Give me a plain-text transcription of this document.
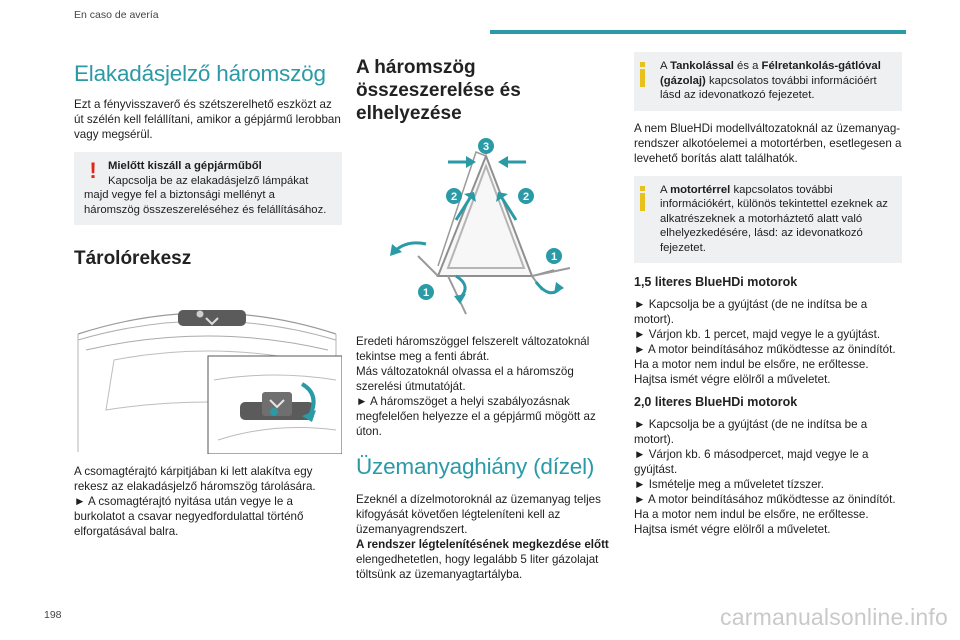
En caso de avería
Elakadásjelző háromszög

Ezt a fényvisszaverő és szétszerelhető eszközt az út szélén kell felállítani, amikor a gépjármű lerobban vagy megsérül.

!	Mielőtt kiszáll a gépjárműből

Kapcsolja be az elakadásjelző lámpákat majd vegye fel a biztonsági mellényt a háromszög összeszereléséhez és felállításához.

Tárolórekesz

A csomagtérajtó kárpitjában ki lett alakítva egy rekesz az elakadásjelző háromszög tárolására.
► A csomagtérajtó nyitása után vegye le a burkolatot a csavar negyedfordulattal történő elforgatásával balra.

A háromszög összeszerelése és elhelyezése
3
2	2
1
1

Eredeti háromszöggel felszerelt változatoknál tekintse meg a fenti ábrát.
Más változatoknál olvassa el a háromszög szerelési útmutatóját.
► A háromszöget a helyi szabályozásnak megfelelően helyezze el a gépjármű mögött az úton.

Üzemanyaghiány (dízel)

Ezeknél a dízelmotoroknál az üzemanyag teljes kifogyását követően légteleníteni kell az üzemanyagrendszert.
A rendszer légtelenítésének megkezdése előtt elengedhetetlen, hogy legalább 5 liter gázolajat töltsünk az üzemanyagtartályba.

A Tankolással és a Félretankolás-gátlóval (gázolaj) kapcsolatos további információért lásd az idevonatkozó fejezetet.

A nem BlueHDi modellváltozatoknál az üzemanyag-rendszer alkotóelemei a motortérben, esetlegesen a levehető borítás alatt találhatók.

A motortérrel kapcsolatos további információkért, különös tekintettel ezeknek az alkatrészeknek a motorháztető alatt való elhelyezkedésére, lásd: az idevonatkozó fejezetet.

1,5 literes BlueHDi motorok

► Kapcsolja be a gyújtást (de ne indítsa be a motort).
► Várjon kb. 1 percet, majd vegye le a gyújtást.
► A motor beindításához működtesse az önindítót.
Ha a motor nem indul be elsőre, ne erőltesse. Hajtsa ismét végre elölről a műveletet.

2,0 literes BlueHDi motorok

► Kapcsolja be a gyújtást (de ne indítsa be a motort).
► Várjon kb. 6 másodpercet, majd vegye le a gyújtást.
► Ismételje meg a műveletet tízszer.
► A motor beindításához működtesse az önindítót.
Ha a motor nem indul be elsőre, ne erőltesse. Hajtsa ismét végre elölről a műveletet.

198	carmanualsonline.info
